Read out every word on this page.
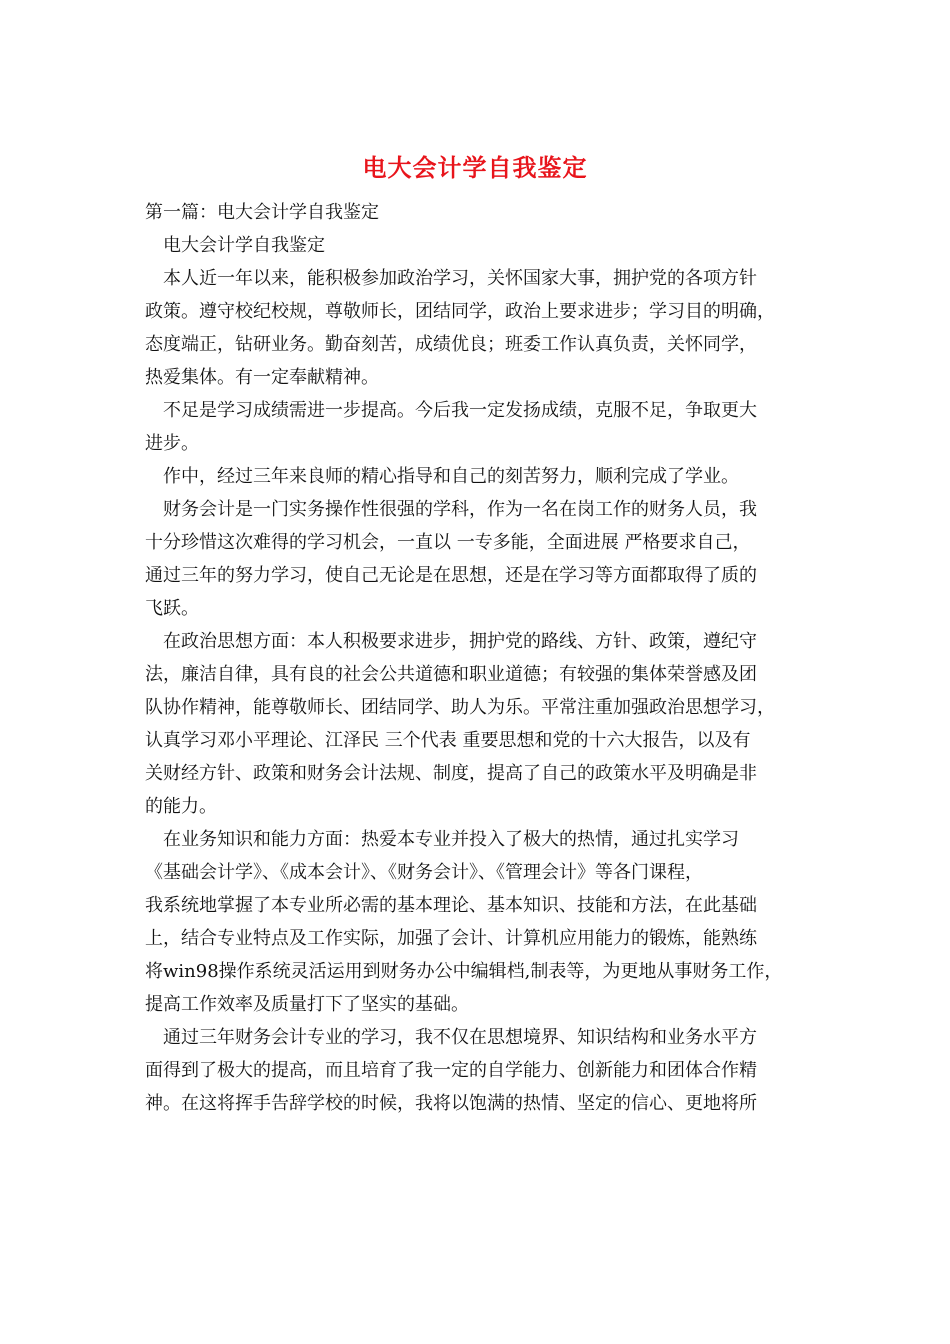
电大会计学自我鉴定
第一篇：电大会计学自我鉴定
电大会计学自我鉴定
本人近一年以来，能积极参加政治学习，关怀国家大事，拥护党的各项方针
政策。遵守校纪校规，尊敬师长，团结同学，政治上要求进步；学习目的明确，
态度端正，钻研业务。勤奋刻苦，成绩优良；班委工作认真负责，关怀同学，
热爱集体。有一定奉献精神。
不足是学习成绩需进一步提高。今后我一定发扬成绩，克服不足，争取更大
进步。
作中，经过三年来良师的精心指导和自己的刻苦努力，顺利完成了学业。
财务会计是一门实务操作性很强的学科，作为一名在岗工作的财务人员，我
十分珍惜这次难得的学习机会，一直以 一专多能，全面进展 严格要求自己，
通过三年的努力学习，使自己无论是在思想，还是在学习等方面都取得了质的
飞跃。
在政治思想方面：本人积极要求进步，拥护党的路线、方针、政策，遵纪守
法，廉洁自律，具有良的社会公共道德和职业道德；有较强的集体荣誉感及团
队协作精神，能尊敬师长、团结同学、助人为乐。平常注重加强政治思想学习，
认真学习邓小平理论、江泽民 三个代表 重要思想和党的十六大报告，以及有
关财经方针、政策和财务会计法规、制度，提高了自己的政策水平及明确是非
的能力。
在业务知识和能力方面：热爱本专业并投入了极大的热情，通过扎实学习
《基础会计学》、《成本会计》、《财务会计》、《管理会计》等各门课程，
我系统地掌握了本专业所必需的基本理论、基本知识、技能和方法，在此基础
上，结合专业特点及工作实际，加强了会计、计算机应用能力的锻炼，能熟练
将win98操作系统灵活运用到财务办公中编辑档,制表等，为更地从事财务工作，
提高工作效率及质量打下了坚实的基础。
通过三年财务会计专业的学习，我不仅在思想境界、知识结构和业务水平方
面得到了极大的提高，而且培育了我一定的自学能力、创新能力和团体合作精
神。在这将挥手告辞学校的时候，我将以饱满的热情、坚定的信心、更地将所
